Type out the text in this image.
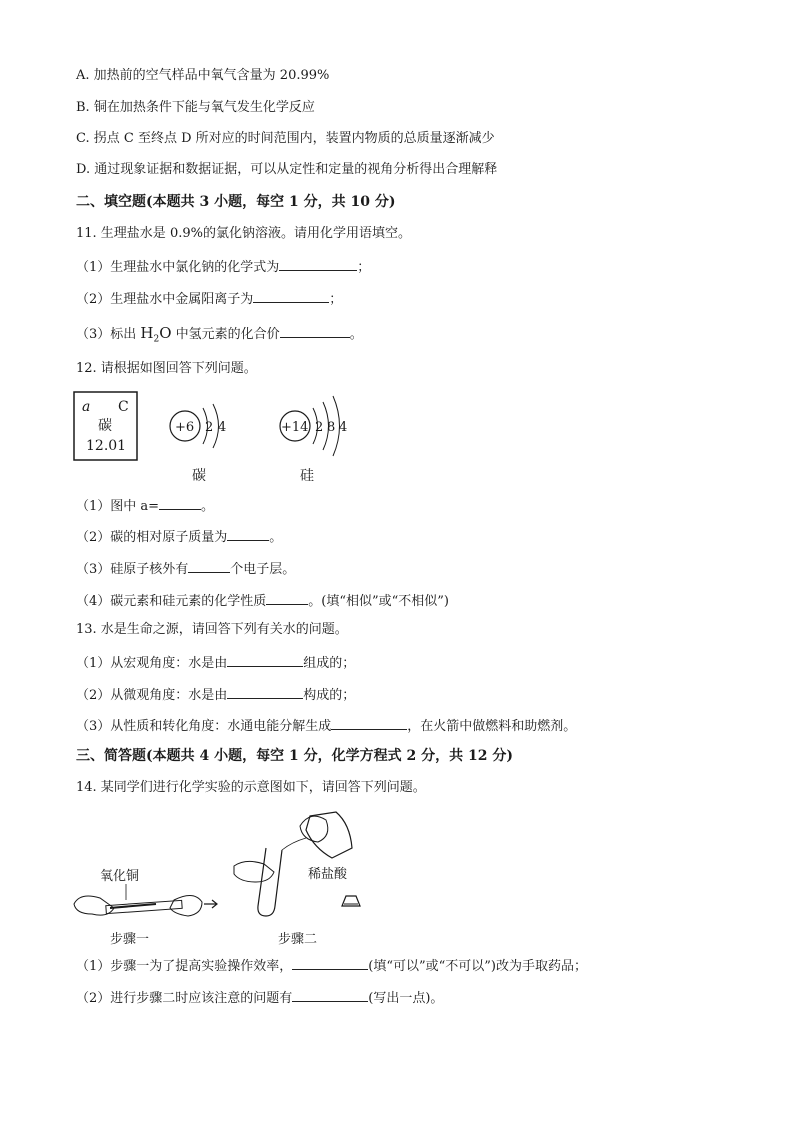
A. 加热前的空气样品中氧气含量为 20.99%
B. 铜在加热条件下能与氧气发生化学反应
C. 拐点 C 至终点 D 所对应的时间范围内，装置内物质的总质量逐渐减少
D. 通过现象证据和数据证据，可以从定性和定量的视角分析得出合理解释
二、填空题(本题共 3 小题，每空 1 分，共 10 分)
11. 生理盐水是 0.9%的氯化钠溶液。请用化学用语填空。
（1）生理盐水中氯化钠的化学式为	；
（2）生理盐水中金属阳离子为	；
（3）标出 $H_2O$ 中氢元素的化合价	。
12. 请根据如图回答下列问题。
a C
碳
12.01
+6 2 4
碳
+14 2 8 4
硅
（1）图中 a=	。
（2）碳的相对原子质量为	。
（3）硅原子核外有	个电子层。
（4）碳元素和硅元素的化学性质	。(填“相似”或“不相似”)
13. 水是生命之源，请回答下列有关水的问题。
（1）从宏观角度：水是由	组成的；
（2）从微观角度：水是由	构成的；
（3）从性质和转化角度：水通电能分解生成	，在火箭中做燃料和助燃剂。
三、简答题(本题共 4 小题，每空 1 分，化学方程式 2 分，共 12 分)
14. 某同学们进行化学实验的示意图如下，请回答下列问题。
氧化铜	稀盐酸
步骤一	步骤二
（1）步骤一为了提高实验操作效率，	(填“可以”或“不可以”)改为手取药品；
（2）进行步骤二时应该注意的问题有	(写出一点)。
